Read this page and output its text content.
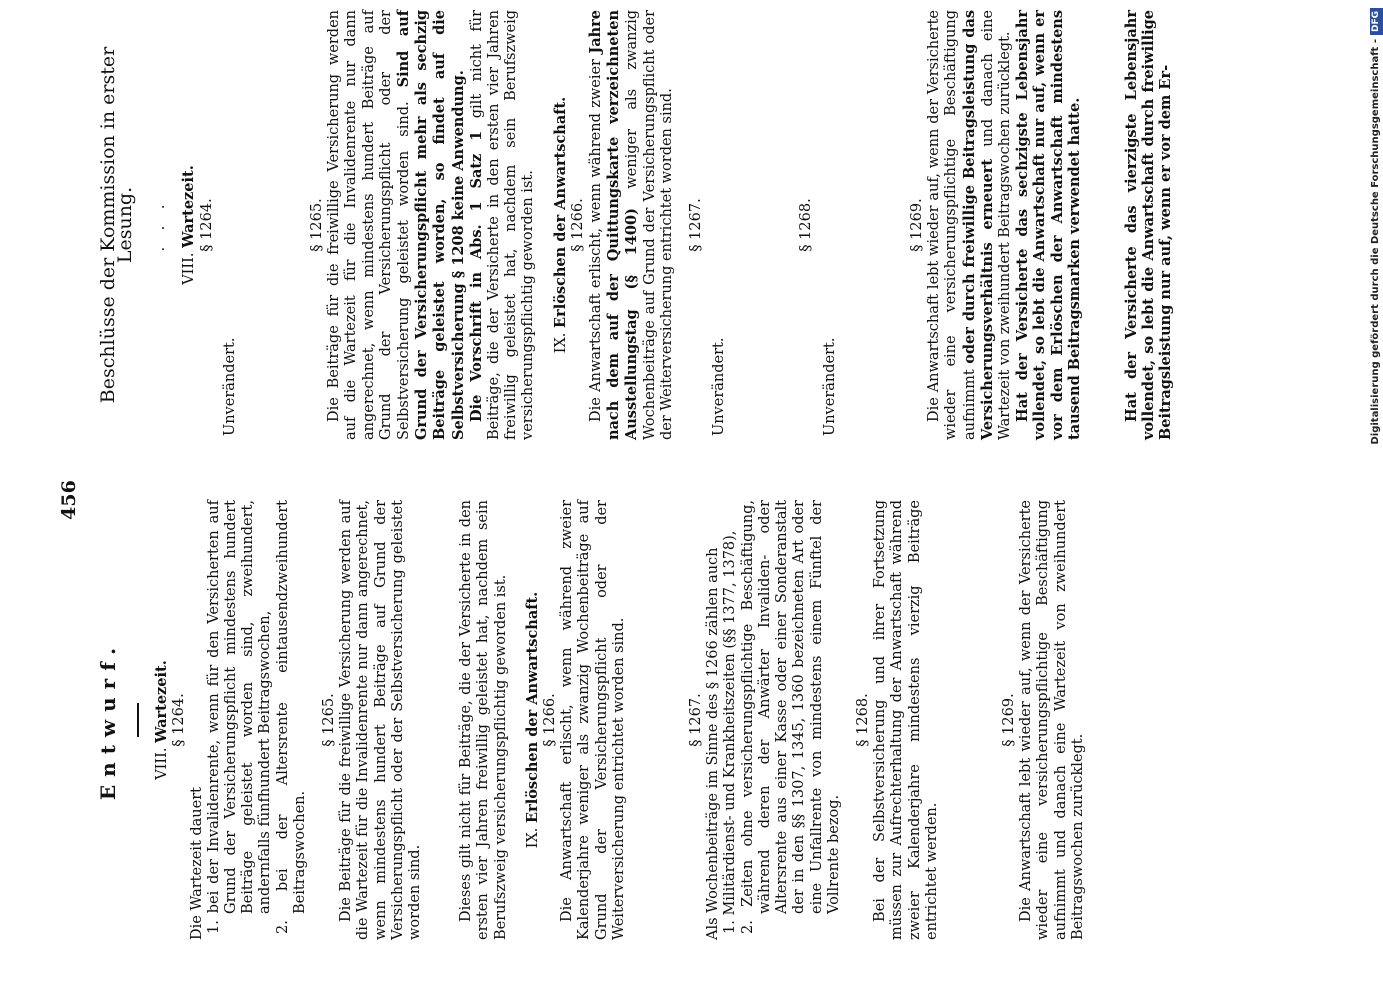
456
Entwurf. VIII. Wartezeit. § 1264.

Die Wartezeit dauert 1. bei der Invalidenrente, wenn für den Versicherten auf Grund der Versicherungspflicht mindestens hundert Beiträge geleistet worden sind, zweihundert, andernfalls fünfhundert Beitragswochen, 2. bei der Altersrente eintausendzweihundert Beitragswochen.

§ 1265. Die Beiträge für die freiwillige Versicherung werden auf die Wartezeit für die Invalidenrente nur dann angerechnet, wenn mindestens hundert Beiträge auf Grund der Versicherungspflicht oder der Selbstversicherung geleistet worden sind. Dieses gilt nicht für Beiträge, die der Versicherte in den ersten vier Jahren freiwillig geleistet hat, nachdem sein Berufszweig versicherungspflichtig geworden ist. IX. Erlöschen der Anwartschaft. § 1266. Die Anwartschaft erlischt, wenn während zweier Kalenderjahre weniger als zwanzig Wochenbeiträge auf Grund der Versicherungspflicht oder der Weiterversicherung entrichtet worden sind.	§ 1267. Als Wochenbeiträge im Sinne des § 1266 zählen auch 1. Militärdienst- und Krankheitszeiten (§§ 1377, 1378), 2. Zeiten ohne versicherungspflichtige Beschäftigung, während deren der Anwärter Invaliden- oder Altersrente aus einer Kasse oder einer Sonderanstalt der in den §§ 1307, 1345, 1360 bezeichneten Art oder eine Unfallrente von mindestens einem Fünftel der Vollrente bezog.

§ 1268. Bei der Selbstversicherung und ihrer Fortsetzung müssen zur Aufrechterhaltung der Anwartschaft während zweier Kalenderjahre mindestens vierzig Beiträge entrichtet werden.

§ 1269. Die Anwartschaft lebt wieder auf, wenn der Versicherte wieder eine versicherungspflichtige Beschäftigung aufnimmt und danach eine Wartezeit von zweihundert Beitragswochen zurücklegt.

Beschlüsse der Kommission in erster Lesung. . . .
VIII. Wartezeit. § 1264.

Unverändert.

§ 1265. Die Beiträge für die freiwillige Versicherung werden auf die Wartezeit für die Invalidenrente nur dann angerechnet, wenn mindestens hundert Beiträge auf Grund der Versicherungspflicht oder der Selbstversicherung geleistet worden sind. Sind auf Grund der Versicherungspflicht mehr als sechzig Beiträge geleistet worden, so findet auf die Selbstversicherung § 1208 keine Anwendung. Die Vorschrift in Abs. 1 Satz 1 gilt nicht für Beiträge, die der Versicherte in den ersten vier Jahren freiwillig geleistet hat, nachdem sein Berufszweig versicherungspflichtig geworden ist. IX. Erlöschen der Anwartschaft. § 1266. Die Anwartschaft erlischt, wenn während zweier Jahre nach dem auf der Quittungskarte verzeichneten Ausstellungstag (§ 1400) weniger als zwanzig Wochenbeiträge auf Grund der Versicherungspflicht oder der Weiterversicherung entrichtet worden sind. § 1267.

Unverändert.

§ 1268.

Unverändert.

§ 1269. Die Anwartschaft lebt wieder auf, wenn der Versicherte wieder eine versicherungspflichtige Beschäftigung aufnimmt oder durch freiwillige Beitragsleistung das Versicherungsverhältnis erneuert und danach eine Wartezeit von zweihundert Beitragswochen zurücklegt. Hat der Versicherte das sechzigste Lebensjahr vollendet, so lebt die Anwartschaft nur auf, wenn er vor dem Erlöschen der Anwartschaft mindestens tausend Beitragsmarken verwendet hatte.	Hat der Versicherte das vierzigste Lebensjahr vollendet, so lebt die Anwartschaft durch freiwillige Beitragsleistung nur auf, wenn er vor dem Er-	Digitalisierung gefördert durch die Deutsche Forschungsgemeinschaft -DFG
